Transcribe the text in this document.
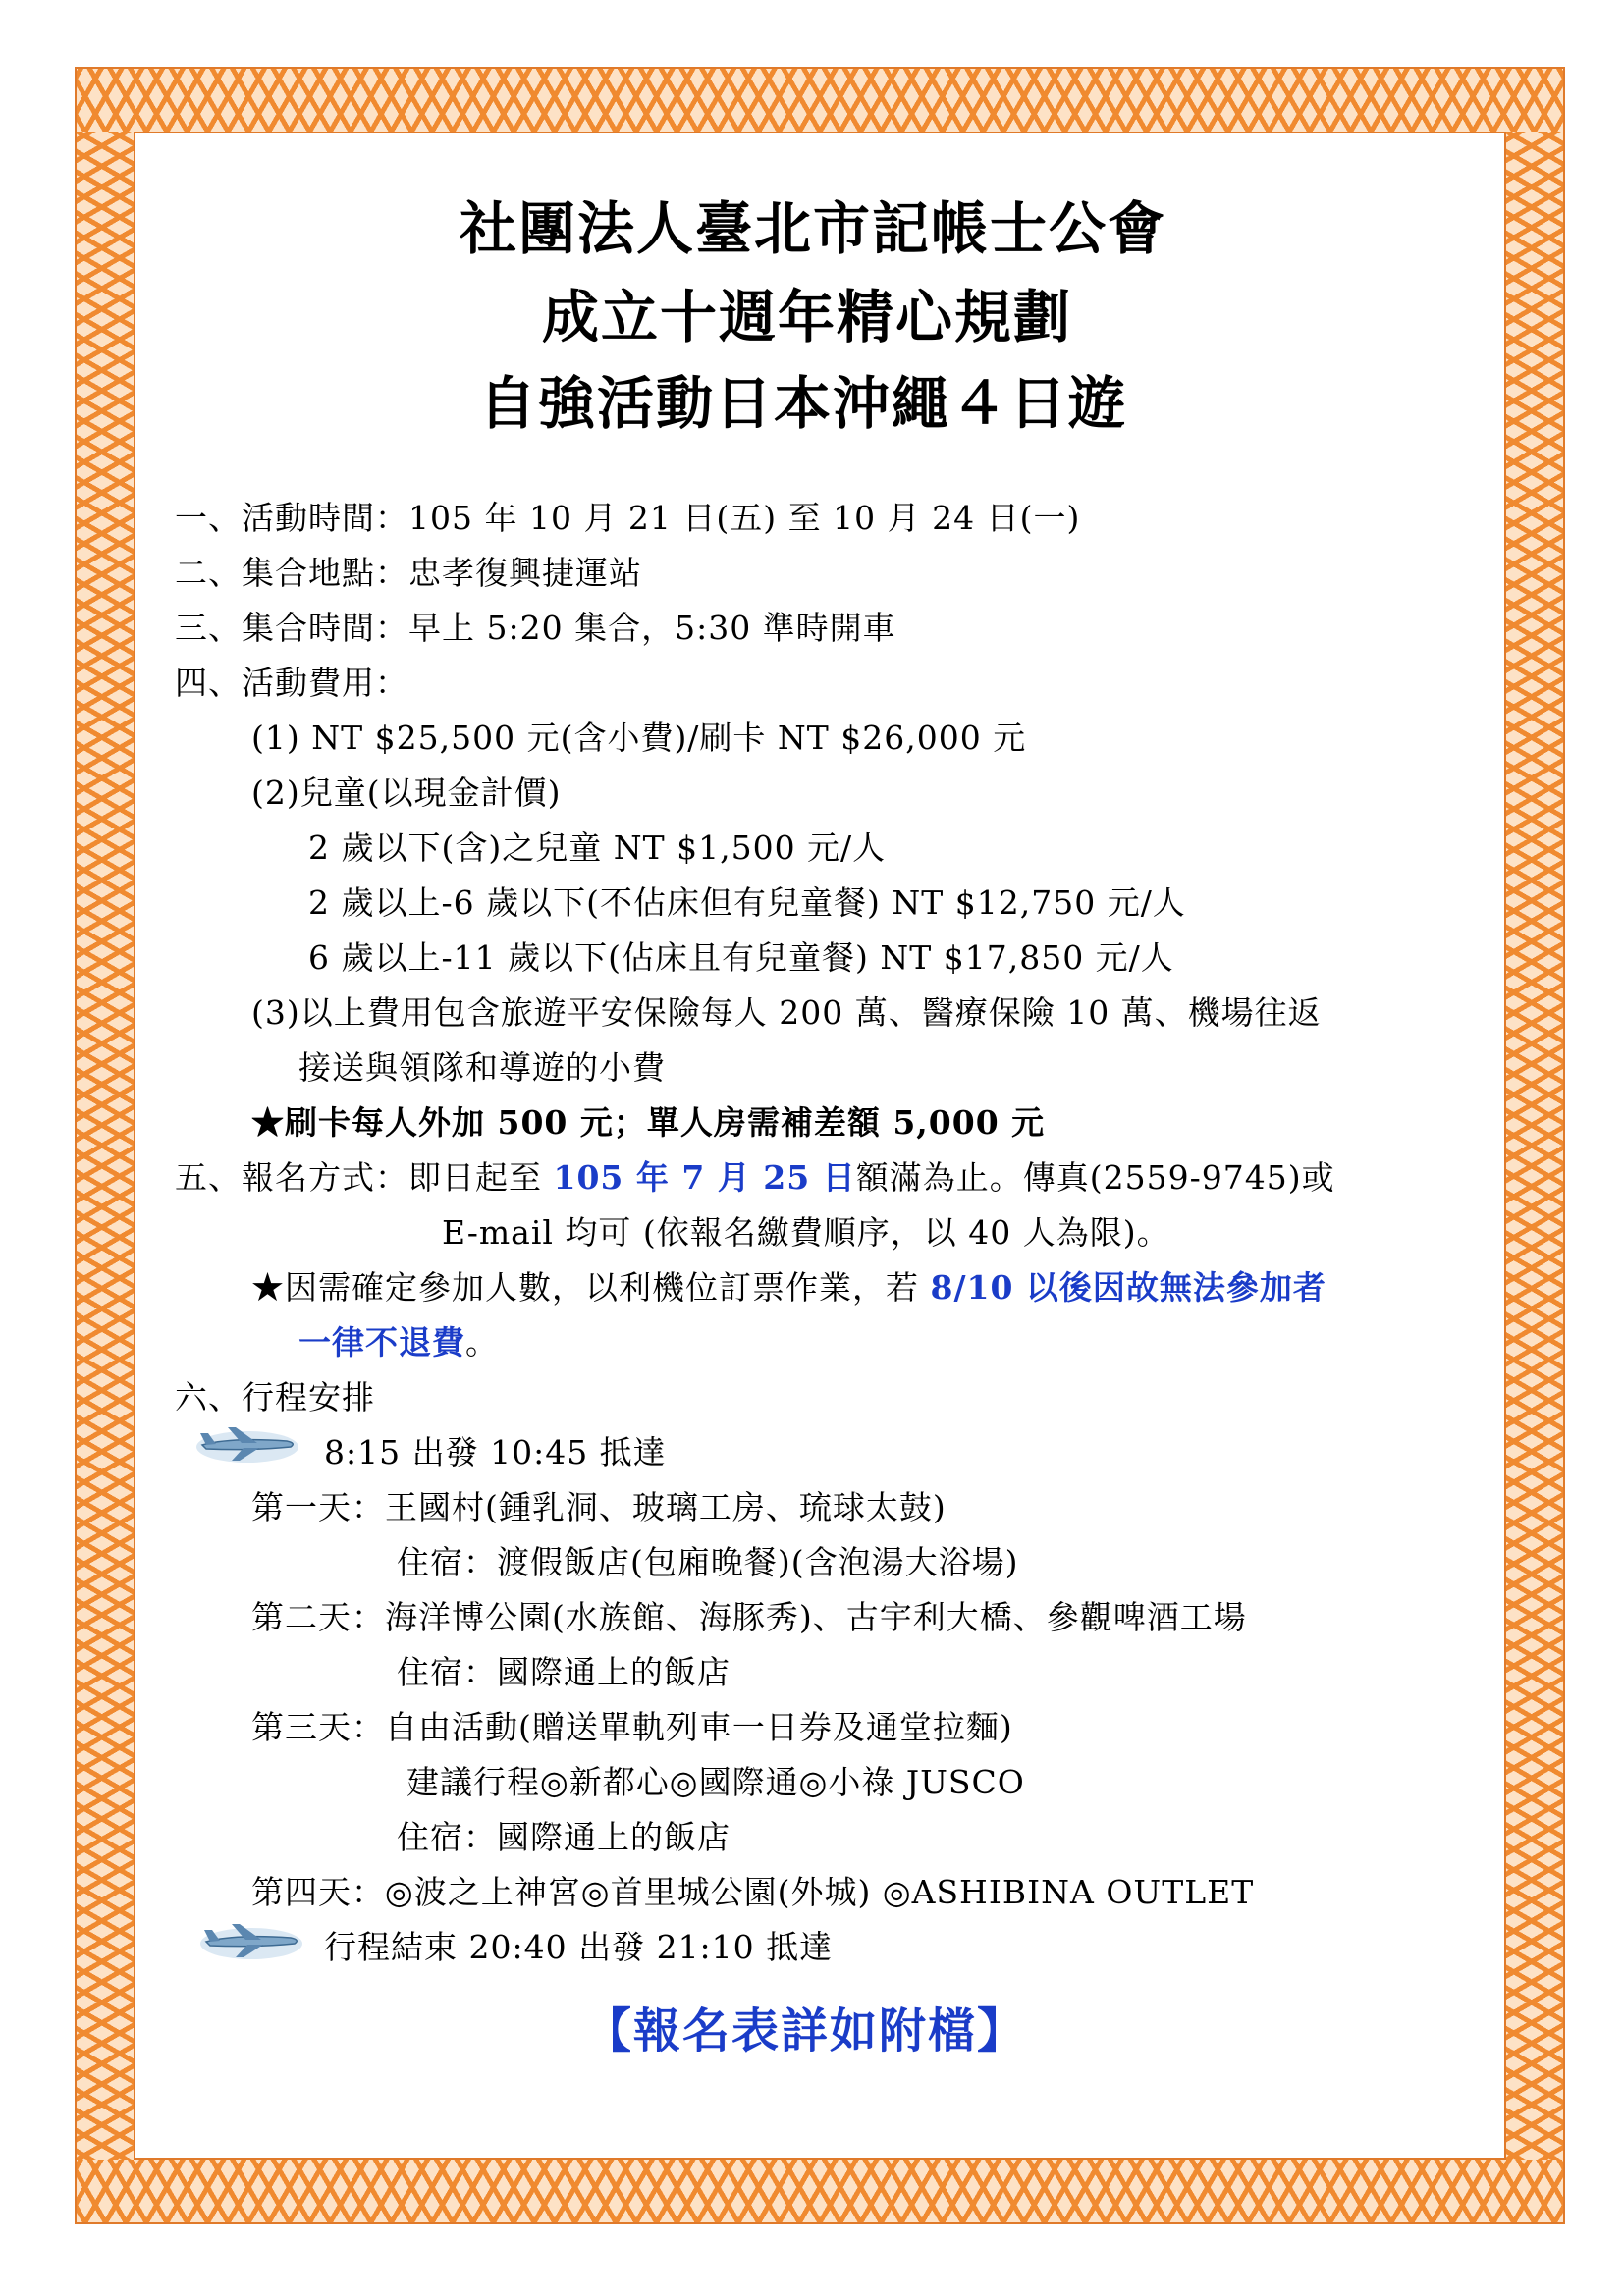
社團法人臺北市記帳士公會
成立十週年精心規劃
自強活動日本沖繩４日遊
一、活動時間：105 年 10 月 21 日(五) 至 10 月 24 日(一)
二、集合地點：忠孝復興捷運站
三、集合時間：早上 5:20 集合，5:30 準時開車
四、活動費用：
(1) NT $25,500 元(含小費)/刷卡 NT $26,000 元
(2)兒童(以現金計價)
2 歲以下(含)之兒童 NT $1,500 元/人
2 歲以上-6 歲以下(不佔床但有兒童餐) NT $12,750 元/人
6 歲以上-11 歲以下(佔床且有兒童餐) NT $17,850 元/人
(3)以上費用包含旅遊平安保險每人 200 萬、醫療保險 10 萬、機場往返
接送與領隊和導遊的小費
★刷卡每人外加 500 元；單人房需補差額 5,000 元
五、報名方式：即日起至 105 年 7 月 25 日額滿為止。傳真(2559-9745)或
E-mail 均可 (依報名繳費順序，以 40 人為限)。
★因需確定參加人數，以利機位訂票作業，若 8/10 以後因故無法參加者
一律不退費。
六、行程安排
8:15 出發 10:45 抵達
第一天：王國村(鍾乳洞、玻璃工房、琉球太鼓)
住宿：渡假飯店(包廂晚餐)(含泡湯大浴場)
第二天：海洋博公園(水族館、海豚秀)、古宇利大橋、參觀啤酒工場
住宿：國際通上的飯店
第三天：自由活動(贈送單軌列車一日券及通堂拉麵)
建議行程◎新都心◎國際通◎小祿 JUSCO
住宿：國際通上的飯店
第四天：◎波之上神宮◎首里城公園(外城) ◎ASHIBINA OUTLET
行程結束 20:40 出發 21:10 抵達
【報名表詳如附檔】
